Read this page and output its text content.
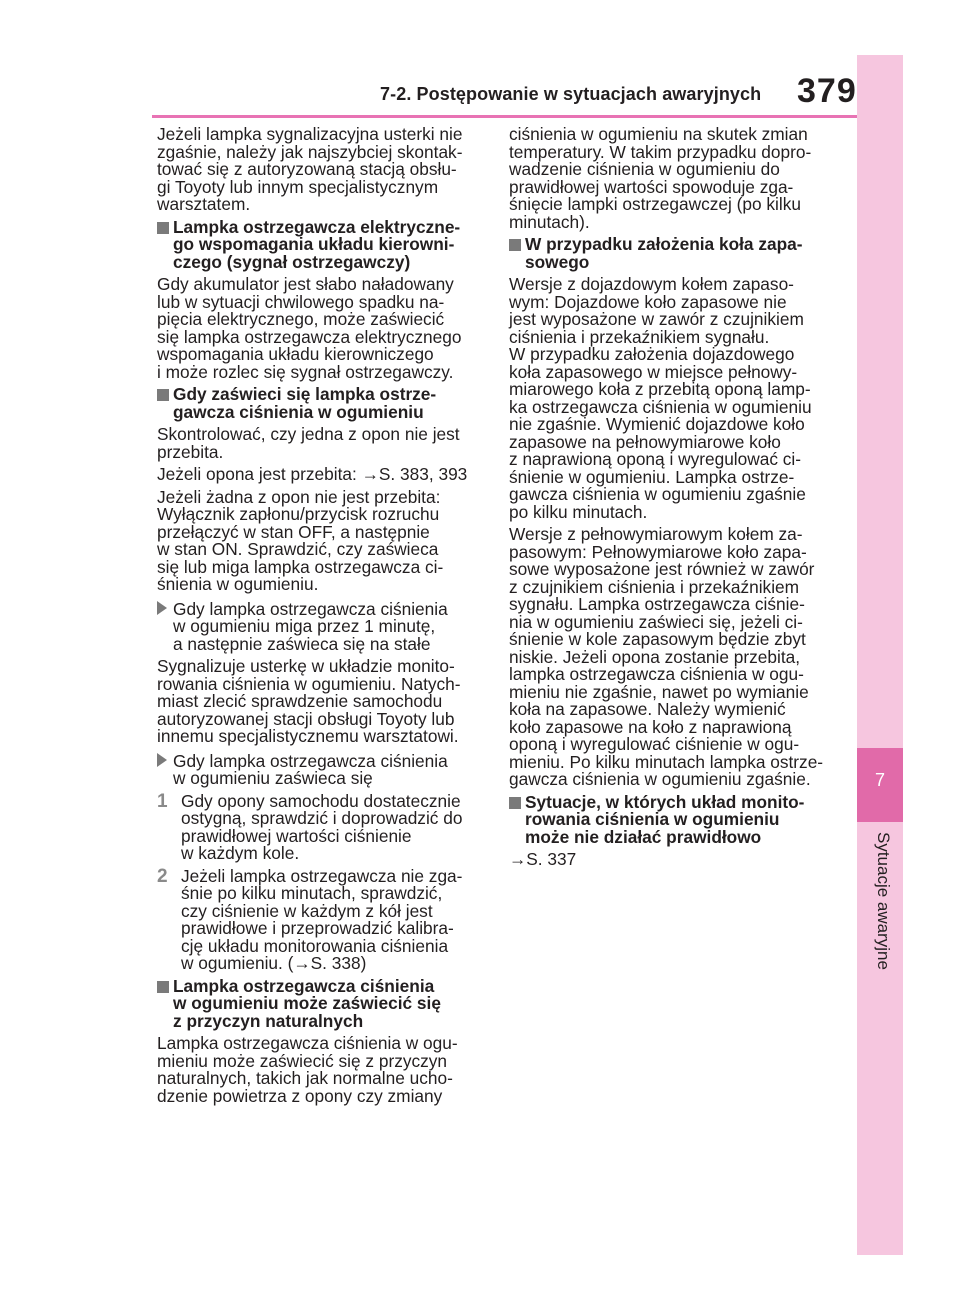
7
Sytuacje awaryjne
7-2. Postępowanie w sytuacjach awaryjnych 379

Jeżeli lampka sygnalizacyjna usterki nie
zgaśnie, należy jak najszybciej skontak-
tować się z autoryzowaną stacją obsłu-
gi Toyoty lub innym specjalistycznym
warsztatem.

Lampka ostrzegawcza elektryczne-
go wspomagania układu kierowni-
czego (sygnał ostrzegawczy)

Gdy akumulator jest słabo naładowany
lub w sytuacji chwilowego spadku na-
pięcia elektrycznego, może zaświecić
się lampka ostrzegawcza elektrycznego
wspomagania układu kierowniczego
i może rozlec się sygnał ostrzegawczy.

Gdy zaświeci się lampka ostrze-
gawcza ciśnienia w ogumieniu

Skontrolować, czy jedna z opon nie jest
przebita.

Jeżeli opona jest przebita: →S. 383, 393

Jeżeli żadna z opon nie jest przebita:
Wyłącznik zapłonu/przycisk rozruchu
przełączyć w stan OFF, a następnie
w stan ON. Sprawdzić, czy zaświeca
się lub miga lampka ostrzegawcza ci-
śnienia w ogumieniu.

Gdy lampka ostrzegawcza ciśnienia
w ogumieniu miga przez 1 minutę,
a następnie zaświeca się na stałe

Sygnalizuje usterkę w układzie monito-
rowania ciśnienia w ogumieniu. Natych-
miast zlecić sprawdzenie samochodu
autoryzowanej stacji obsługi Toyoty lub
innemu specjalistycznemu warsztatowi.

Gdy lampka ostrzegawcza ciśnienia
w ogumieniu zaświeca się
1 Gdy opony samochodu dostatecznie
ostygną, sprawdzić i doprowadzić do
prawidłowej wartości ciśnienie
w każdym kole.
2 Jeżeli lampka ostrzegawcza nie zga-
śnie po kilku minutach, sprawdzić,
czy ciśnienie w każdym z kół jest
prawidłowe i przeprowadzić kalibra-
cję układu monitorowania ciśnienia
w ogumieniu. (→S. 338)
Lampka ostrzegawcza ciśnienia
w ogumieniu może zaświecić się
z przyczyn naturalnych

Lampka ostrzegawcza ciśnienia w ogu-
mieniu może zaświecić się z przyczyn
naturalnych, takich jak normalne ucho-
dzenie powietrza z opony czy zmiany

ciśnienia w ogumieniu na skutek zmian
temperatury. W takim przypadku dopro-
wadzenie ciśnienia w ogumieniu do
prawidłowej wartości spowoduje zga-
śnięcie lampki ostrzegawczej (po kilku
minutach).

W przypadku założenia koła zapa-
sowego

Wersje z dojazdowym kołem zapaso-
wym: Dojazdowe koło zapasowe nie
jest wyposażone w zawór z czujnikiem
ciśnienia i przekaźnikiem sygnału.
W przypadku założenia dojazdowego
koła zapasowego w miejsce pełnowy-
miarowego koła z przebitą oponą lamp-
ka ostrzegawcza ciśnienia w ogumieniu
nie zgaśnie. Wymienić dojazdowe koło
zapasowe na pełnowymiarowe koło
z naprawioną oponą i wyregulować ci-
śnienie w ogumieniu. Lampka ostrze-
gawcza ciśnienia w ogumieniu zgaśnie
po kilku minutach.

Wersje z pełnowymiarowym kołem za-
pasowym: Pełnowymiarowe koło zapa-
sowe wyposażone jest również w zawór
z czujnikiem ciśnienia i przekaźnikiem
sygnału. Lampka ostrzegawcza ciśnie-
nia w ogumieniu zaświeci się, jeżeli ci-
śnienie w kole zapasowym będzie zbyt
niskie. Jeżeli opona zostanie przebita,
lampka ostrzegawcza ciśnienia w ogu-
mieniu nie zgaśnie, nawet po wymianie
koła na zapasowe. Należy wymienić
koło zapasowe na koło z naprawioną
oponą i wyregulować ciśnienie w ogu-
mieniu. Po kilku minutach lampka ostrze-
gawcza ciśnienia w ogumieniu zgaśnie.

Sytuacje, w których układ monito-
rowania ciśnienia w ogumieniu
może nie działać prawidłowo

→S. 337
